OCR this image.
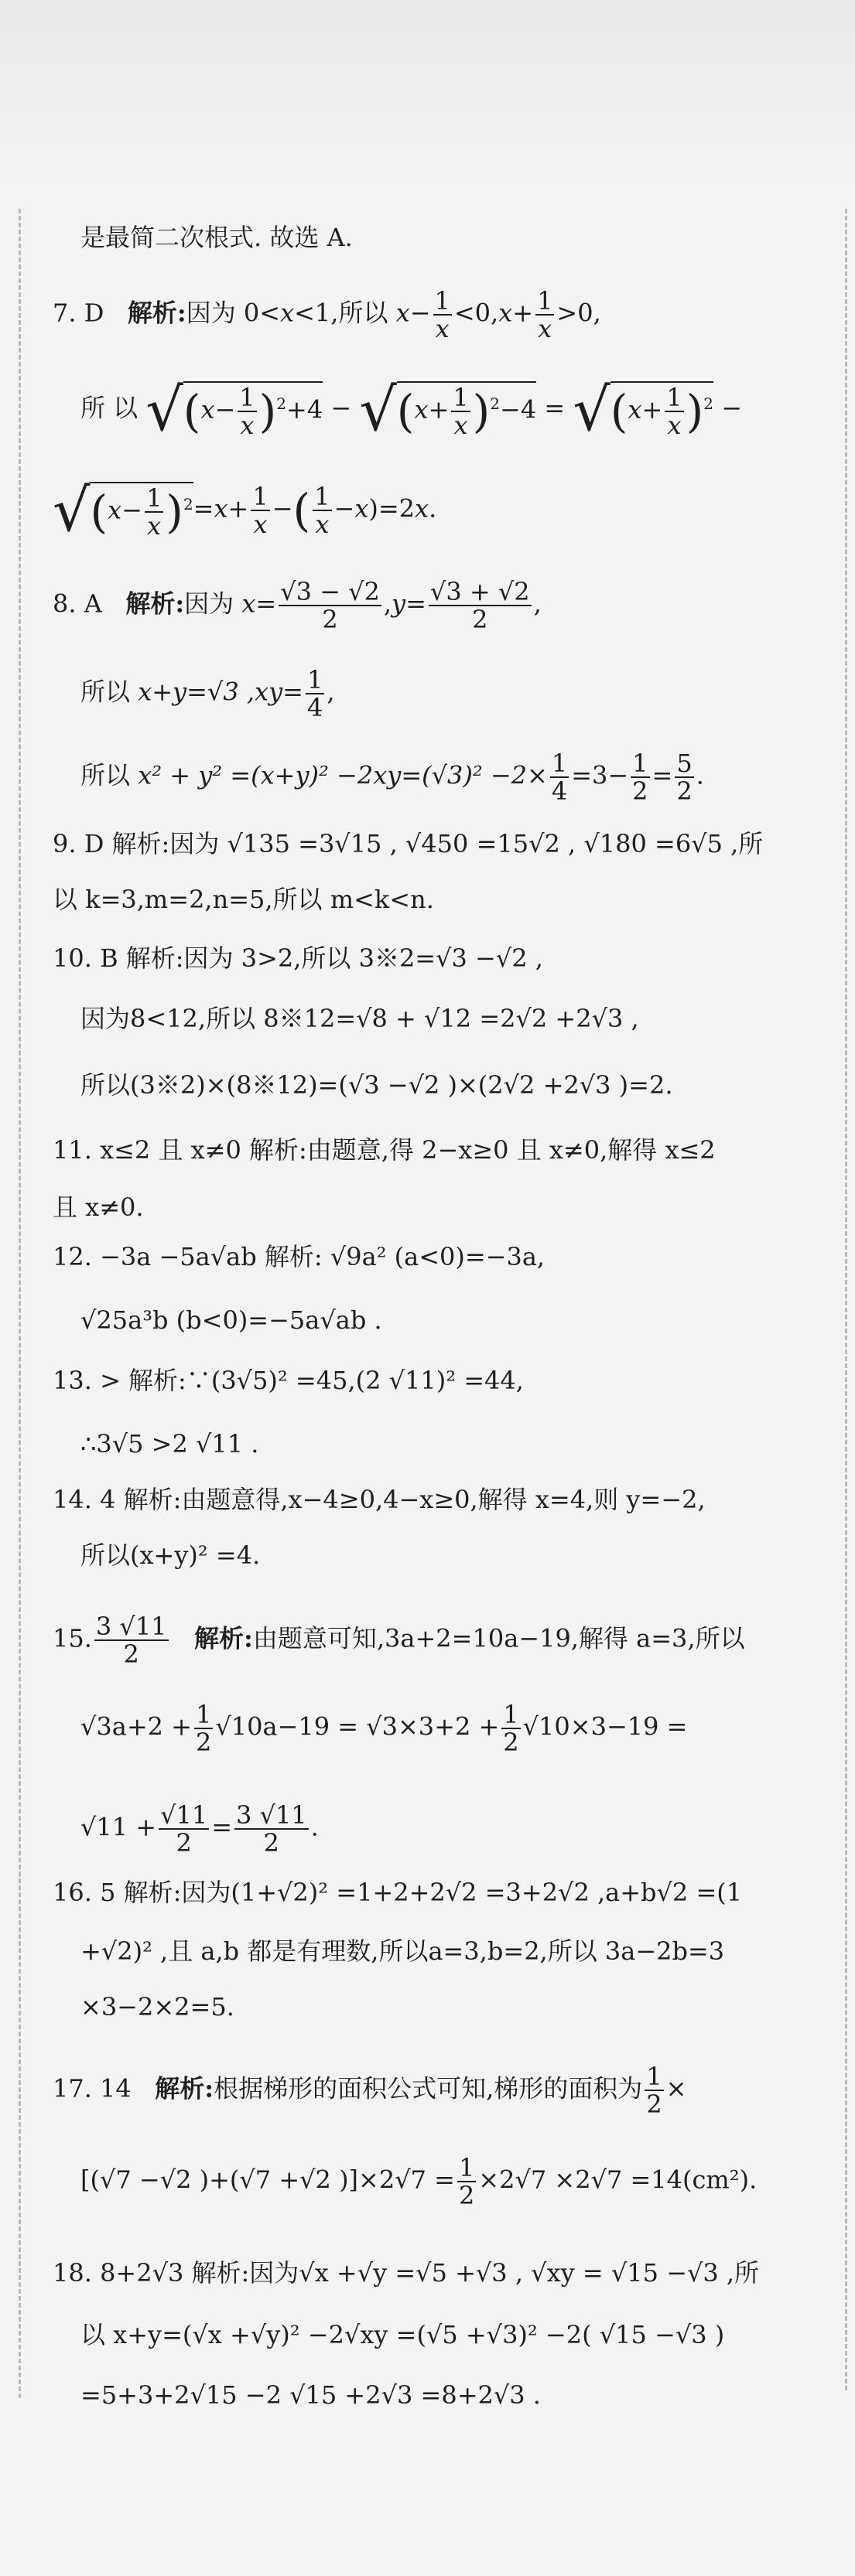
是最简二次根式. 故选 A.
7. D 解析:因为 0<x<1,所以 $x- \frac{1}{x} <0,x+ \frac{1}{x} >0$,
所 以 $√(x- \frac{1}{x} )^2+4 - √(x+ \frac{1}{x} )^2-4 = √(x+ \frac{1}{x} )^2$ −
$√(x- \frac{1}{x} )^2=x+ \frac{1}{x}$ −( $\frac{1}{x} -x)=2x$.
8. A 解析:因为 $x= \frac{√3 - √2}{2} ,y= \frac{√3 + √2}{2}$ ,
所以 x+y=√3 $,xy= \frac{1}{4}$ ,
所以 $x^2 + y^2 =(x+y)^2 -2xy=(√3)^2 -2\times \frac{1}{4} =3- \frac{1}{2} = \frac{5}{2}$ .
9. D 解析:因为 √135 =3√15 , √450 =15√2 , √180 =6√5 ,所
以 k=3,m=2,n=5,所以 m<k<n.
10. B 解析:因为 3>2,所以 3※2=√3 −√2 ,
因为8<12,所以 8※12=√8 + √12 =2√2 +2√3 ,
所以(3※2)×(8※12)=(√3 −√2 )×(2√2 +2√3 )=2.
11. x≤2 且 x≠0 解析:由题意,得 2−x≥0 且 x≠0,解得 x≤2
且 x≠0.
12. −3a −5a√ab 解析: √9a² (a<0)=−3a,
√25a³b (b<0)=−5a√ab .
13. > 解析:∵(3√5)² =45,(2 √11)² =44,
∴3√5 >2 √11 .
14. 4 解析:由题意得,x−4≥0,4−x≥0,解得 x=4,则 y=−2,
所以(x+y)² =4.
15. $\frac{3 √11}{2}$ 解析:由题意可知,3a+2=10a−19,解得 a=3,所以
$√3a+2 + \frac{1}{2} √10a-19 = √3\times 3+2 + \frac{1}{2} √10\times 3-19$ =
$√11 + \frac{√11}{2} = \frac{3 √11}{2}$ .
16. 5 解析:因为(1+√2)² =1+2+2√2 =3+2√2 ,a+b√2 =(1
+√2)² ,且 a,b 都是有理数,所以a=3,b=2,所以 3a−2b=3
×3−2×2=5.
17. 14 解析:根据梯形的面积公式可知,梯形的面积为 $\frac{1}{2}$ ×
[(√7 −√2 )+(√7 +√2 )]$\times 2√7 = \frac{1}{2} \times 2√7 \times 2√7 =14(cm^2)$.
18. 8+2√3 解析:因为√x +√y =√5 +√3 , √xy = √15 −√3 ,所
以 x+y=(√x +√y)² −2√xy =(√5 +√3)² −2( √15 −√3 )
=5+3+2√15 −2 √15 +2√3 =8+2√3 .
